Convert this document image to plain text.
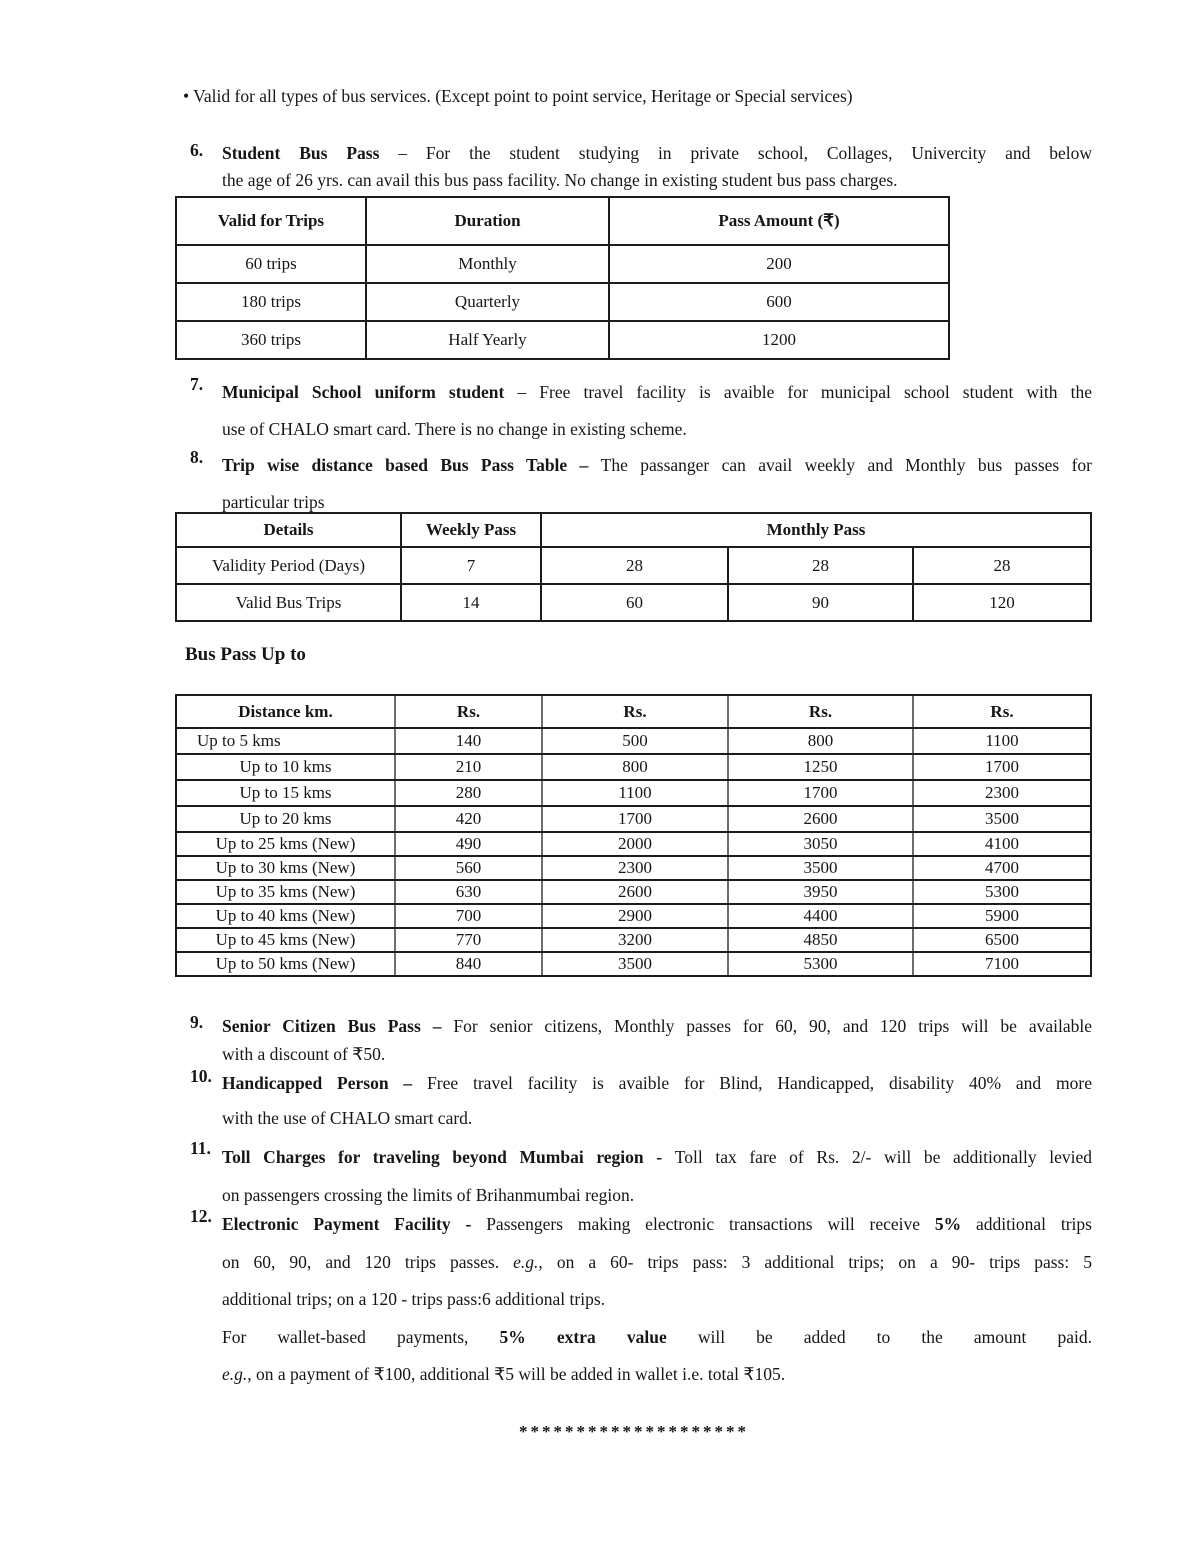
• Valid for all types of bus services. (Except point to point service, Heritage or Special services)
6.	Student Bus Pass – For the student studying in private school, Collages, Univercity and below
the age of 26 yrs. can avail this bus pass facility. No change in existing student bus pass charges.
Valid for Trips	Duration	Pass Amount (₹)
60 trips	Monthly	200
180 trips	Quarterly	600
360 trips	Half Yearly	1200
7.	Municipal School uniform student – Free travel facility is avaible for municipal school student with the
use of CHALO smart card. There is no change in existing scheme.
8.	Trip wise distance based Bus Pass Table – The passanger can avail weekly and Monthly bus passes for
particular trips
Details	Weekly Pass	Monthly Pass		
Validity Period (Days)	7	28	28	28
Valid Bus Trips	14	60	90	120
Bus Pass Up to
Distance km.	Rs.	Rs.	Rs.	Rs.
Up to 5 kms	140	500	800	1100
Up to 10 kms	210	800	1250	1700
Up to 15 kms	280	1100	1700	2300
Up to 20 kms	420	1700	2600	3500
Up to 25 kms (New)	490	2000	3050	4100
Up to 30 kms (New)	560	2300	3500	4700
Up to 35 kms (New)	630	2600	3950	5300
Up to 40 kms (New)	700	2900	4400	5900
Up to 45 kms (New)	770	3200	4850	6500
Up to 50 kms (New)	840	3500	5300	7100
9.	Senior Citizen Bus Pass – For senior citizens, Monthly passes for 60, 90, and 120 trips will be available
with a discount of ₹50.
10. Handicapped Person – Free travel facility is avaible for Blind, Handicapped, disability 40% and more
with the use of CHALO smart card.
11. Toll Charges for traveling beyond Mumbai region - Toll tax fare of Rs. 2/- will be additionally levied
on passengers crossing the limits of Brihanmumbai region.
12. Electronic Payment Facility - Passengers making electronic transactions will receive 5% additional trips
on 60, 90, and 120 trips passes. e.g., on a 60- trips pass: 3 additional trips; on a 90- trips pass: 5
additional trips; on a 120 - trips pass:6 additional trips.
For wallet-based payments, 5% extra value will be added to the amount paid.
e.g., on a payment of ₹100, additional ₹5 will be added in wallet i.e. total ₹105.
********************
